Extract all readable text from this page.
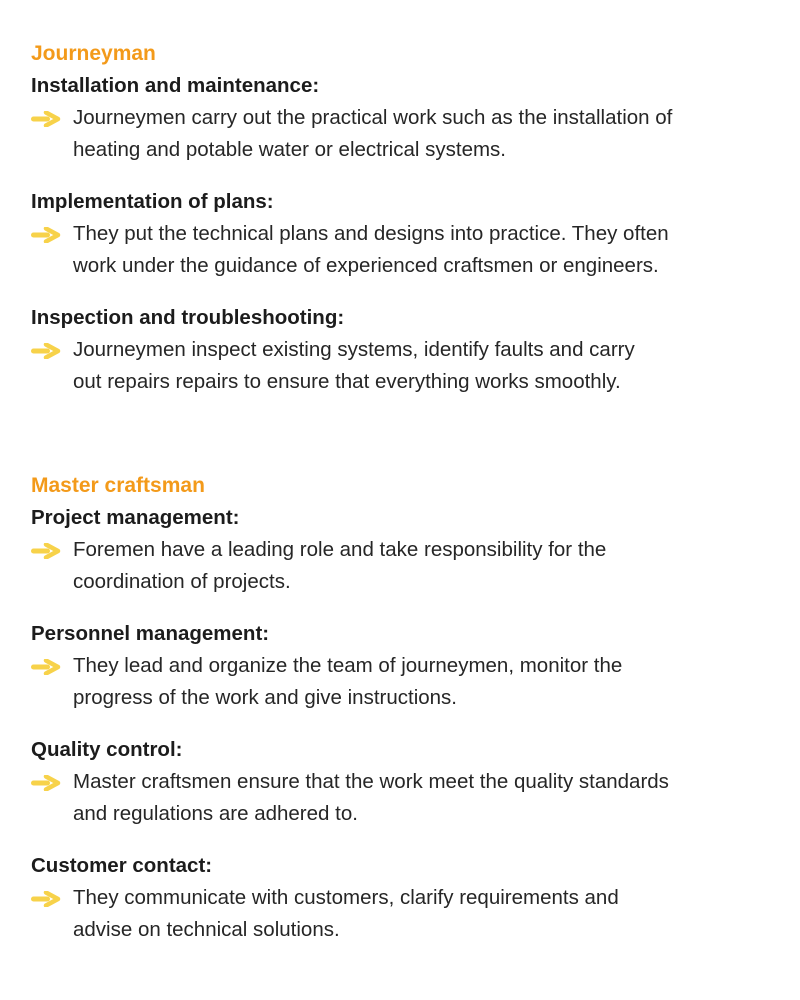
Journeyman
Installation and maintenance:
Journeymen carry out the practical work such as the installation of
heating and potable water or electrical systems.
Implementation of plans:
They put the technical plans and designs into practice. They often
work under the guidance of experienced craftsmen or engineers.
Inspection and troubleshooting:
Journeymen inspect existing systems, identify faults and carry
out repairs repairs to ensure that everything works smoothly.
Master craftsman
Project management:
Foremen have a leading role and take responsibility for the
coordination of projects.
Personnel management:
They lead and organize the team of journeymen, monitor the
progress of the work and give instructions.
Quality control:
Master craftsmen ensure that the work meet the quality standards
and regulations are adhered to.
Customer contact:
They communicate with customers, clarify requirements and
advise on technical solutions.
